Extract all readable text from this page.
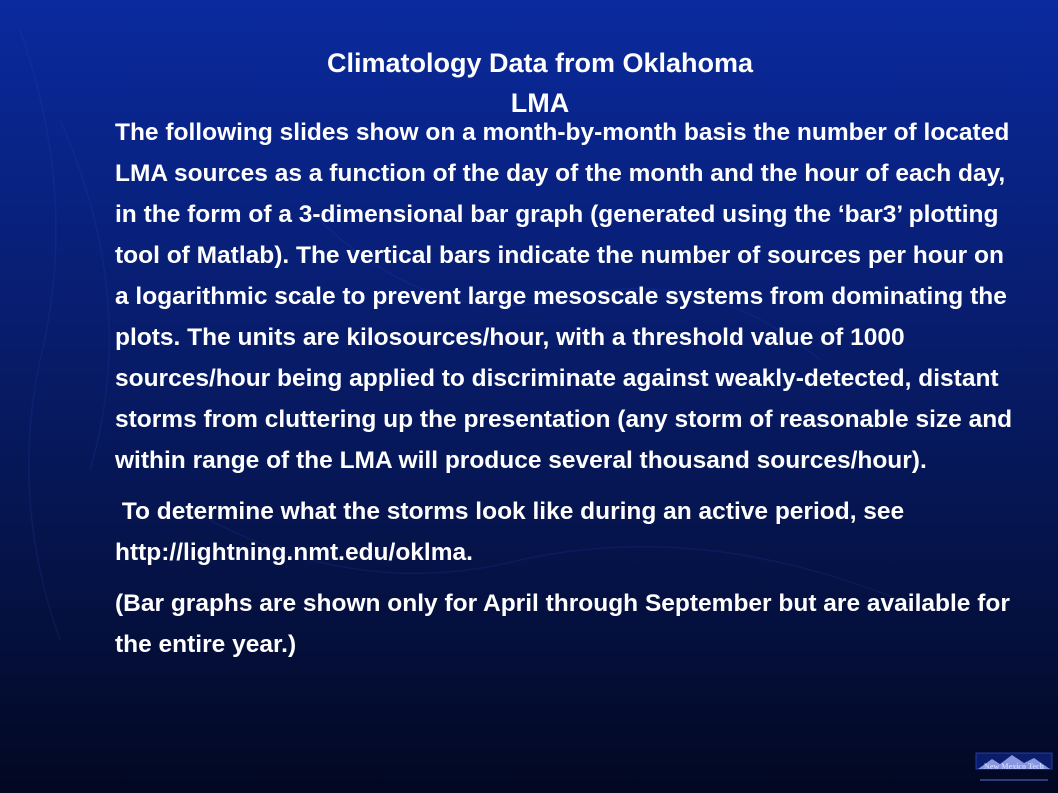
Climatology Data from Oklahoma
LMA

The following slides show on a month-by-month basis the number of located LMA sources as a function of the day of the month and the hour of each day, in the form of a 3-dimensional bar graph (generated using the ‘bar3’ plotting tool of Matlab). The vertical bars indicate the number of sources per hour on a logarithmic scale to prevent large mesoscale systems from dominating the plots. The units are kilosources/hour, with a threshold value of 1000 sources/hour being applied to discriminate against weakly-detected, distant storms from cluttering up the presentation (any storm of reasonable size and within range of the LMA will produce several thousand sources/hour).

To determine what the storms look like during an active period, see http://lightning.nmt.edu/oklma.

(Bar graphs are shown only for April through September but are available for the entire year.)

New Mexico Tech
